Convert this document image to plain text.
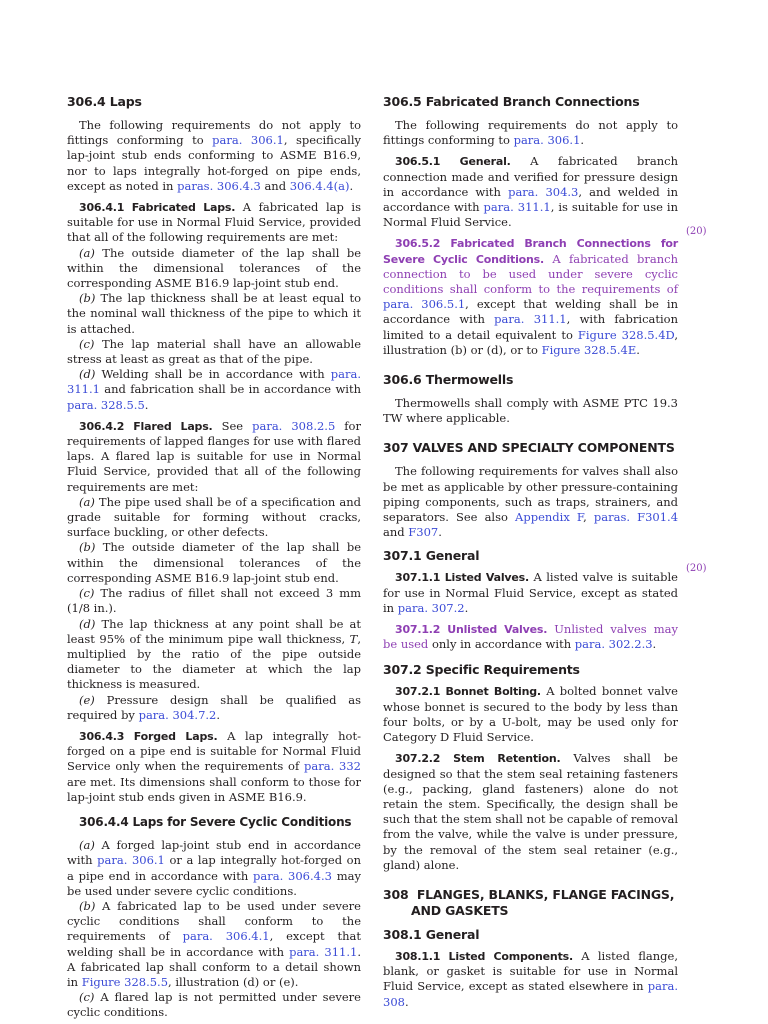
306.4 Laps

The following requirements do not apply to fittings conforming to para. 306.1, specifically lap-joint stub ends conforming to ASME B16.9, nor to laps integrally hot-forged on pipe ends, except as noted in paras. 306.4.3 and 306.4.4(a).

306.4.1 Fabricated Laps. A fabricated lap is suitable for use in Normal Fluid Service, provided that all of the following requirements are met:

(a) The outside diameter of the lap shall be within the dimensional tolerances of the corresponding ASME B16.9 lap-joint stub end.

(b) The lap thickness shall be at least equal to the nominal wall thickness of the pipe to which it is attached.

(c) The lap material shall have an allowable stress at least as great as that of the pipe.

(d) Welding shall be in accordance with para. 311.1 and fabrication shall be in accordance with para. 328.5.5.

306.4.2 Flared Laps. See para. 308.2.5 for requirements of lapped flanges for use with flared laps. A flared lap is suitable for use in Normal Fluid Service, provided that all of the following requirements are met:

(a) The pipe used shall be of a specification and grade suitable for forming without cracks, surface buckling, or other defects.

(b) The outside diameter of the lap shall be within the dimensional tolerances of the corresponding ASME B16.9 lap-joint stub end.

(c) The radius of fillet shall not exceed 3 mm (1/8 in.).

(d) The lap thickness at any point shall be at least 95% of the minimum pipe wall thickness, T, multiplied by the ratio of the pipe outside diameter to the diameter at which the lap thickness is measured.

(e) Pressure design shall be qualified as required by para. 304.7.2.

306.4.3 Forged Laps. A lap integrally hot-forged on a pipe end is suitable for Normal Fluid Service only when the requirements of para. 332 are met. Its dimensions shall conform to those for lap-joint stub ends given in ASME B16.9.

306.4.4 Laps for Severe Cyclic Conditions

(a) A forged lap-joint stub end in accordance with para. 306.1 or a lap integrally hot-forged on a pipe end in accordance with para. 306.4.3 may be used under severe cyclic conditions.

(b) A fabricated lap to be used under severe cyclic conditions shall conform to the requirements of para. 306.4.1, except that welding shall be in accordance with para. 311.1. A fabricated lap shall conform to a detail shown in Figure 328.5.5, illustration (d) or (e).

(c) A flared lap is not permitted under severe cyclic conditions.

306.5 Fabricated Branch Connections

The following requirements do not apply to fittings conforming to para. 306.1.

306.5.1 General. A fabricated branch connection made and verified for pressure design in accordance with para. 304.3, and welded in accordance with para. 311.1, is suitable for use in Normal Fluid Service.

306.5.2 Fabricated Branch Connections for Severe Cyclic Conditions. A fabricated branch connection to be used under severe cyclic conditions shall conform to the requirements of para. 306.5.1, except that welding shall be in accordance with para. 311.1, with fabrication limited to a detail equivalent to Figure 328.5.4D, illustration (b) or (d), or to Figure 328.5.4E.

306.6 Thermowells

Thermowells shall comply with ASME PTC 19.3 TW where applicable.

307 VALVES AND SPECIALTY COMPONENTS

The following requirements for valves shall also be met as applicable by other pressure-containing piping components, such as traps, strainers, and separators. See also Appendix F, paras. F301.4 and F307.

307.1 General

307.1.1 Listed Valves. A listed valve is suitable for use in Normal Fluid Service, except as stated in para. 307.2.

307.1.2 Unlisted Valves. Unlisted valves may be used only in accordance with para. 302.2.3.

307.2 Specific Requirements

307.2.1 Bonnet Bolting. A bolted bonnet valve whose bonnet is secured to the body by less than four bolts, or by a U-bolt, may be used only for Category D Fluid Service.

307.2.2 Stem Retention. Valves shall be designed so that the stem seal retaining fasteners (e.g., packing, gland fasteners) alone do not retain the stem. Specifically, the design shall be such that the stem shall not be capable of removal from the valve, while the valve is under pressure, by the removal of the stem seal retainer (e.g., gland) alone.

308 FLANGES, BLANKS, FLANGE FACINGS, AND GASKETS
308.1 General

308.1.1 Listed Components. A listed flange, blank, or gasket is suitable for use in Normal Fluid Service, except as stated elsewhere in para. 308.

(20)
(20)
